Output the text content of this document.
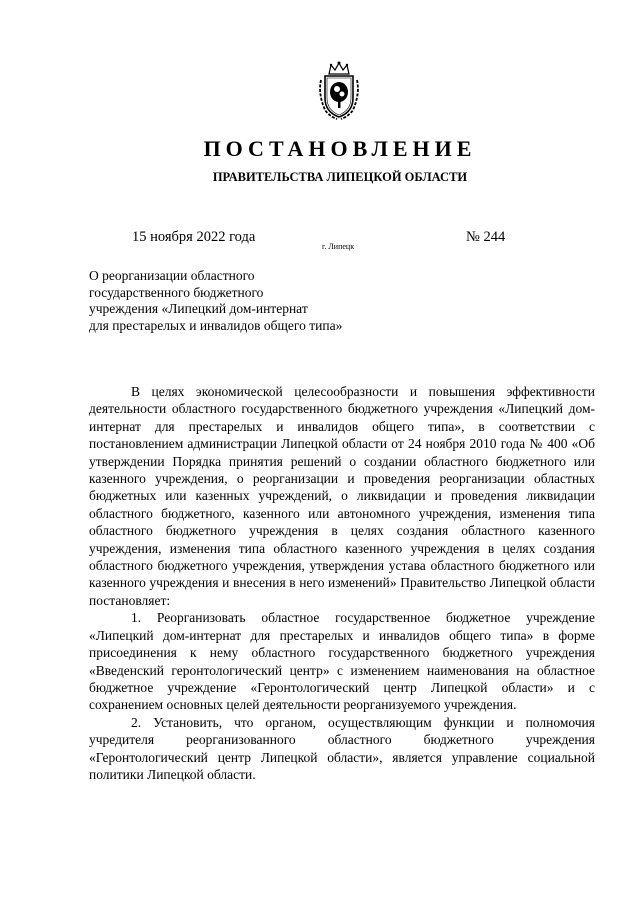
ПОСТАНОВЛЕНИЕ
ПРАВИТЕЛЬСТВА ЛИПЕЦКОЙ ОБЛАСТИ
15 ноября 2022 года
г. Липецк
№ 244
О реорганизации областного
государственного бюджетного
учреждения «Липецкий дом-интернат
для престарелых и инвалидов общего типа»

В целях экономической целесообразности и повышения эффективности деятельности областного государственного бюджетного учреждения «Липецкий дом-интернат для престарелых и инвалидов общего типа», в соответствии с постановлением администрации Липецкой области от 24 ноября 2010 года № 400 «Об утверждении Порядка принятия решений о создании областного бюджетного или казенного учреждения, о реорганизации и проведения реорганизации областных бюджетных или казенных учреждений, о ликвидации и проведения ликвидации областного бюджетного, казенного или автономного учреждения, изменения типа областного бюджетного учреждения в целях создания областного казенного учреждения, изменения типа областного казенного учреждения в целях создания областного бюджетного учреждения, утверждения устава областного бюджетного или казенного учреждения и внесения в него изменений» Правительство Липецкой области постановляет:

1. Реорганизовать областное государственное бюджетное учреждение «Липецкий дом-интернат для престарелых и инвалидов общего типа» в форме присоединения к нему областного государственного бюджетного учреждения «Введенский геронтологический центр» с изменением наименования на областное бюджетное учреждение «Геронтологический центр Липецкой области» и с сохранением основных целей деятельности реорганизуемого учреждения.

2. Установить, что органом, осуществляющим функции и полномочия учредителя реорганизованного областного бюджетного учреждения «Геронтологический центр Липецкой области», является управление социальной политики Липецкой области.
